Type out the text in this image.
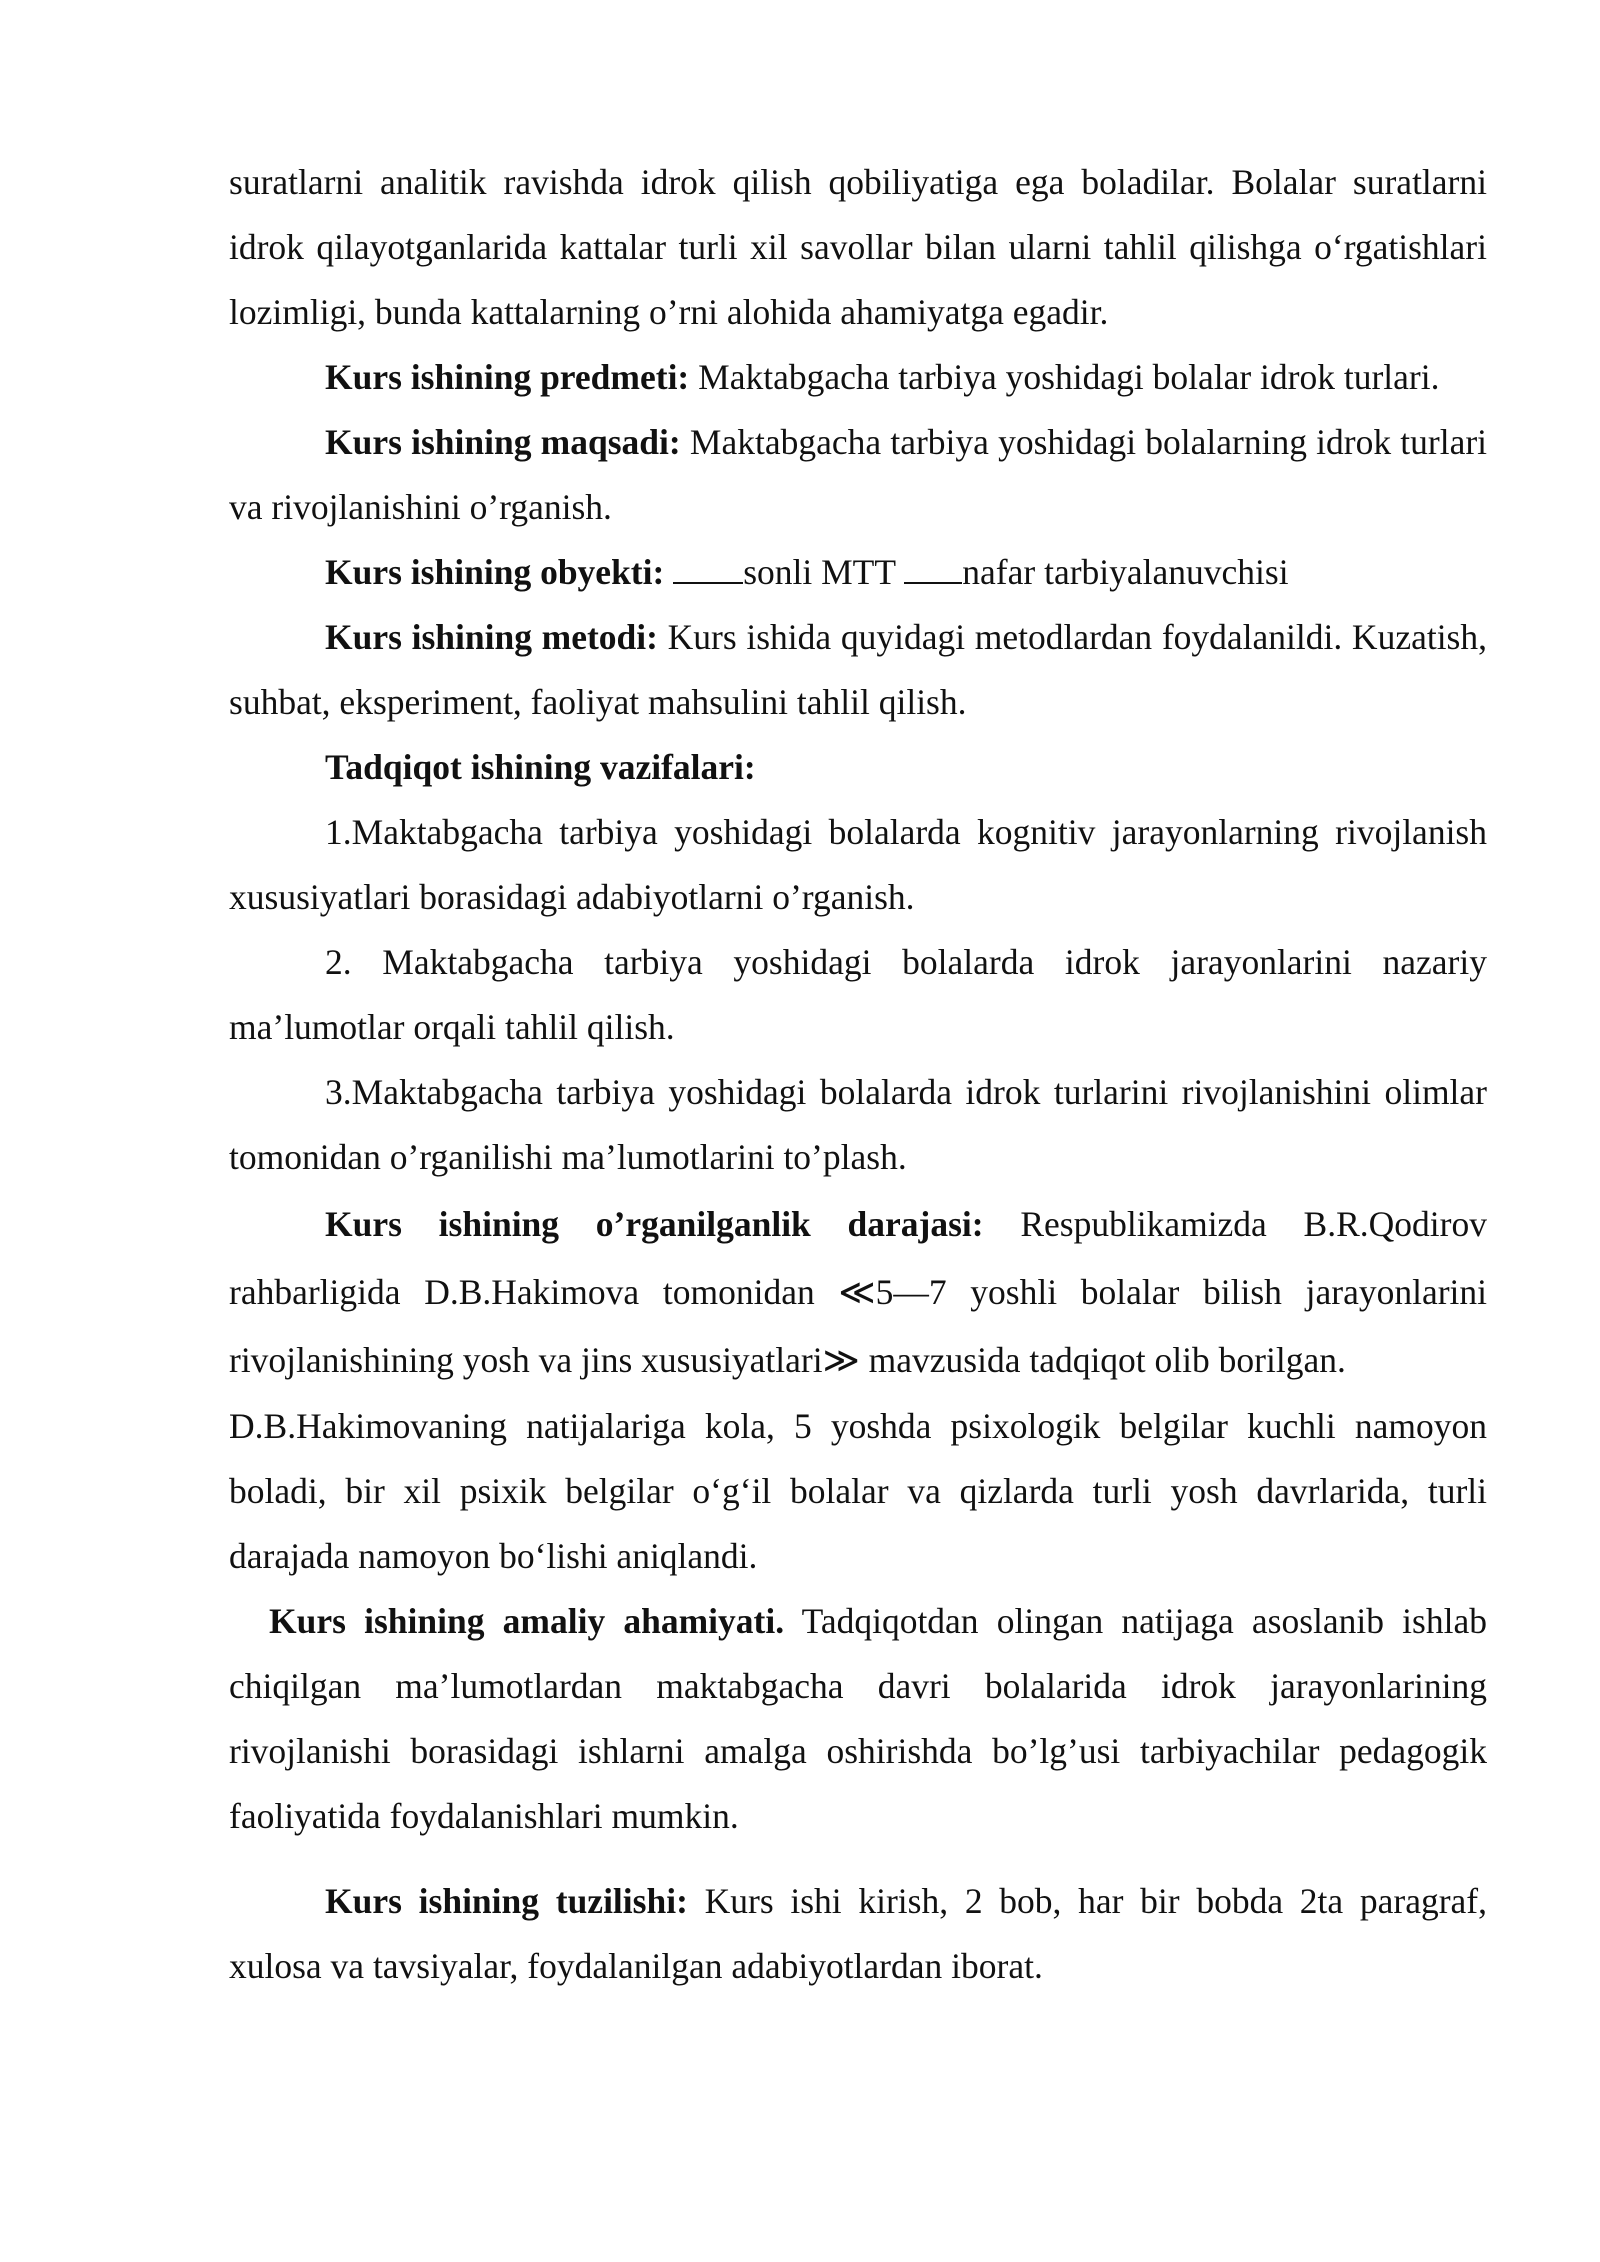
suratlarni analitik ravishda idrok qilish qobiliyatiga ega boladilar. Bolalar suratlarni idrok qilayotganlarida kattalar turli xil savollar bilan ularni tahlil qilishga o‘rgatishlari lozimligi, bunda kattalarning o’rni alohida ahamiyatga egadir.

Kurs ishining predmeti: Maktabgacha tarbiya yoshidagi bolalar idrok turlari.

Kurs ishining maqsadi: Maktabgacha tarbiya yoshidagi bolalarning idrok turlari va rivojlanishini o’rganish.

Kurs ishining obyekti: sonli MTT nafar tarbiyalanuvchisi

Kurs ishining metodi: Kurs ishida quyidagi metodlardan foydalanildi. Kuzatish, suhbat, eksperiment, faoliyat mahsulini tahlil qilish.

Tadqiqot ishining vazifalari:

1.Maktabgacha tarbiya yoshidagi bolalarda kognitiv jarayonlarning rivojlanish xususiyatlari borasidagi adabiyotlarni o’rganish.

2. Maktabgacha tarbiya yoshidagi bolalarda idrok jarayonlarini nazariy ma’lumotlar orqali tahlil qilish.

3.Maktabgacha tarbiya yoshidagi bolalarda idrok turlarini rivojlanishini olimlar tomonidan o’rganilishi ma’lumotlarini to’plash.

Kurs ishining o’rganilganlik darajasi: Respublikamizda B.R.Qodirov rahbarligida D.B.Hakimova tomonidan ≪5—7 yoshli bolalar bilish jarayonlarini rivojlanishining yosh va jins xususiyatlari≫ mavzusida tadqiqot olib borilgan.

D.B.Hakimovaning natijalariga kola, 5 yoshda psixologik belgilar kuchli namoyon boladi, bir xil psixik belgilar o‘g‘il bolalar va qizlarda turli yosh davrlarida, turli darajada namoyon bo‘lishi aniqlandi.

Kurs ishining amaliy ahamiyati. Tadqiqotdan olingan natijaga asoslanib ishlab chiqilgan ma’lumotlardan maktabgacha davri bolalarida idrok jarayonlarining rivojlanishi borasidagi ishlarni amalga oshirishda bo’lg’usi tarbiyachilar pedagogik faoliyatida foydalanishlari mumkin.

Kurs ishining tuzilishi: Kurs ishi kirish, 2 bob, har bir bobda 2ta paragraf, xulosa va tavsiyalar, foydalanilgan adabiyotlardan iborat.
